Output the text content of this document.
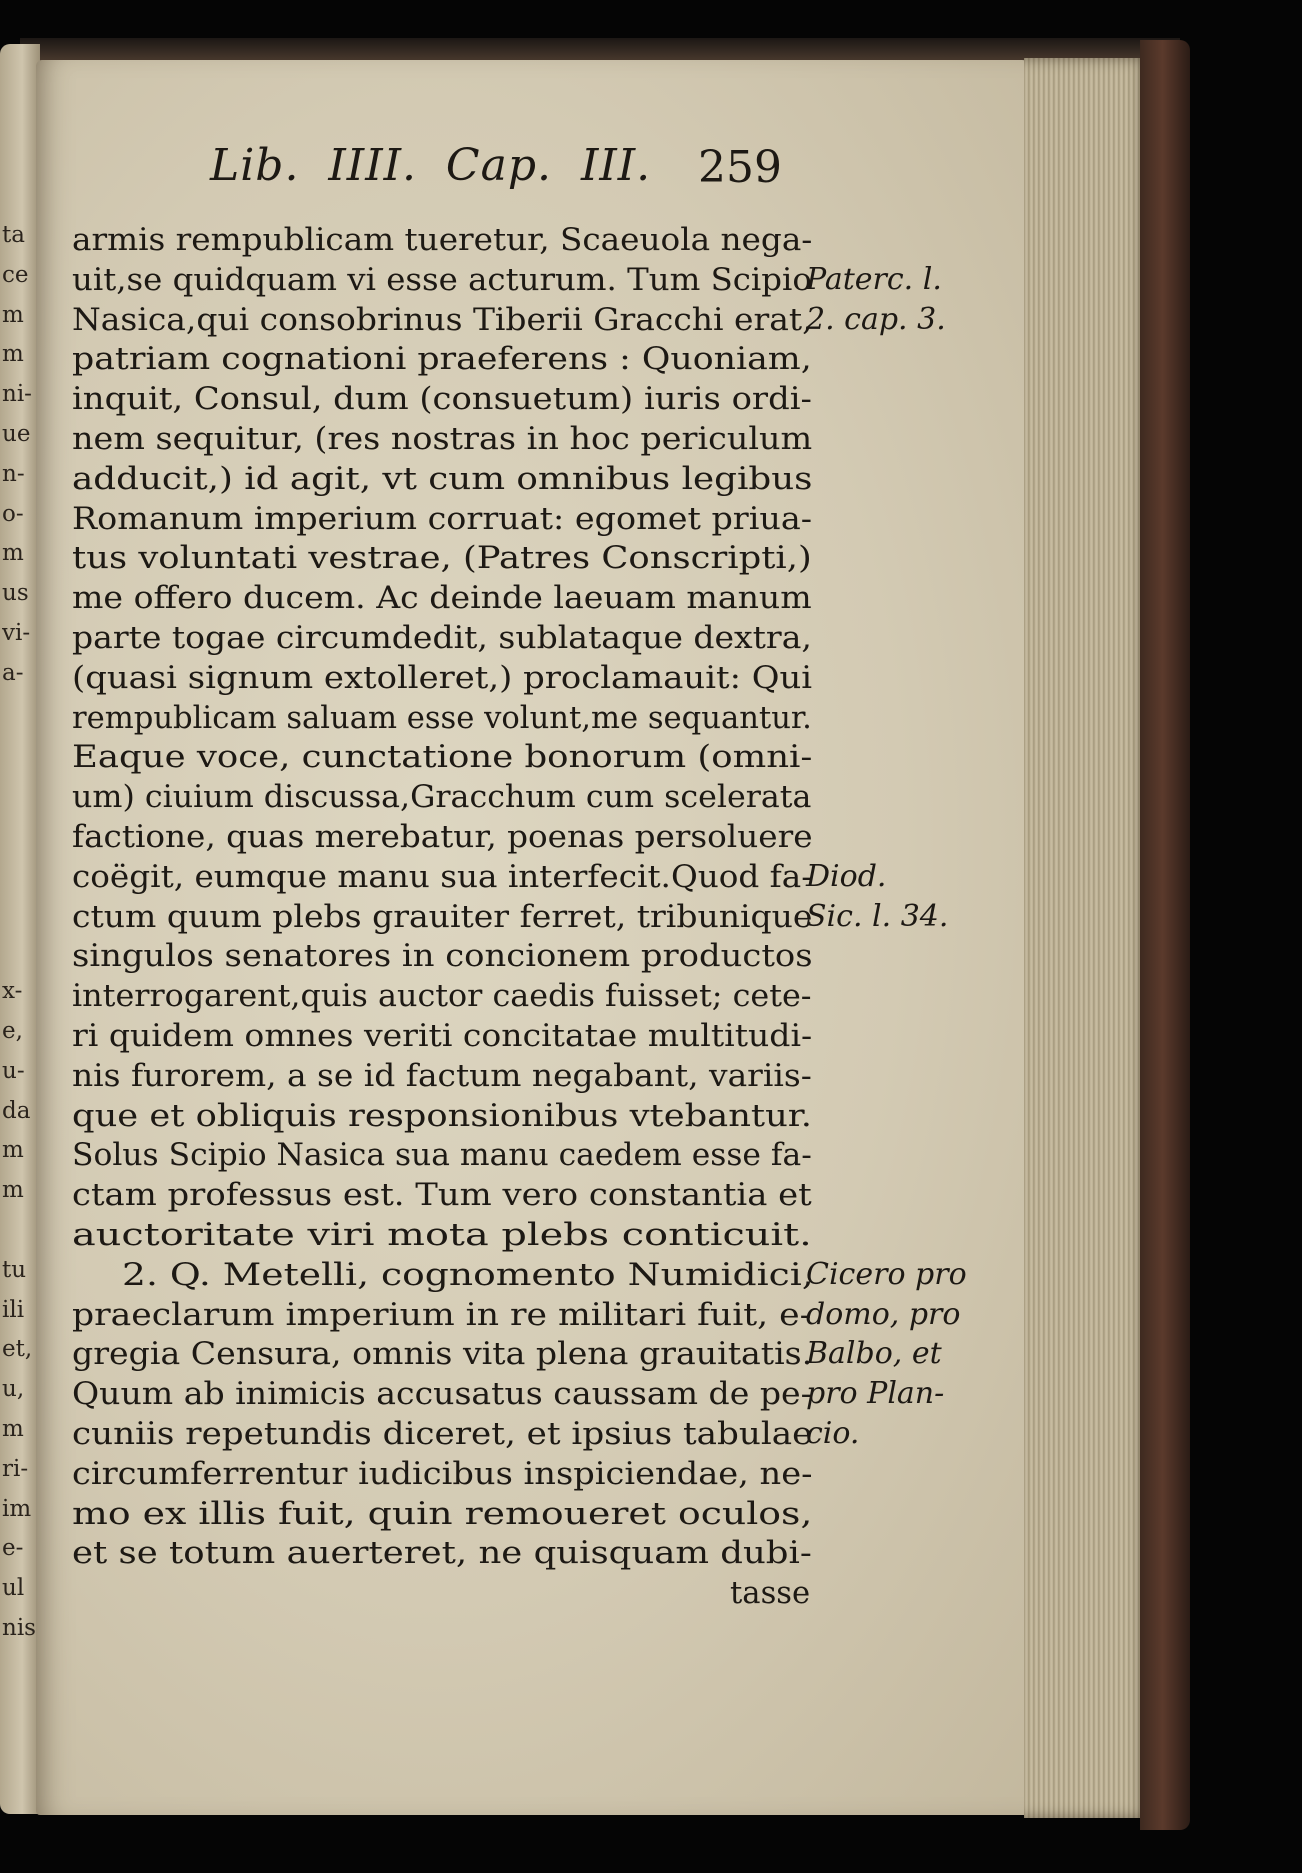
ta
ce
m
m
ni-
ue
n-
o-
m
us
vi-
a-
x-
e,
u-
da
m
m
tu
ili
et,
u,
m
ri-
im
e-
ul
nis
Lib. IIII. Cap. III. 259
armis rempublicam tueretur, Scaeuola nega-
uit,se quidquam vi esse acturum. Tum Scipio
Nasica,qui consobrinus Tiberii Gracchi erat,
patriam cognationi praeferens : Quoniam,
inquit, Consul, dum (consuetum) iuris ordi-
nem sequitur, (res nostras in hoc periculum
adducit,) id agit, vt cum omnibus legibus
Romanum imperium corruat: egomet priua-
tus voluntati vestrae, (Patres Conscripti,)
me offero ducem. Ac deinde laeuam manum
parte togae circumdedit, sublataque dextra,
(quasi signum extolleret,) proclamauit: Qui
rempublicam saluam esse volunt,me sequantur.
Eaque voce, cunctatione bonorum (omni-
um) ciuium discussa,Gracchum cum scelerata
factione, quas merebatur, poenas persoluere
coëgit, eumque manu sua interfecit.Quod fa-
ctum quum plebs grauiter ferret, tribunique
singulos senatores in concionem productos
interrogarent,quis auctor caedis fuisset; cete-
ri quidem omnes veriti concitatae multitudi-
nis furorem, a se id factum negabant, variis-
que et obliquis responsionibus vtebantur.
Solus Scipio Nasica sua manu caedem esse fa-
ctam professus est. Tum vero constantia et
auctoritate viri mota plebs conticuit.
2. Q. Metelli, cognomento Numidici,
praeclarum imperium in re militari fuit, e-
gregia Censura, omnis vita plena grauitatis.
Quum ab inimicis accusatus caussam de pe-
cuniis repetundis diceret, et ipsius tabulae
circumferrentur iudicibus inspiciendae, ne-
mo ex illis fuit, quin remoueret oculos,
et se totum auerteret, ne quisquam dubi-
tasse
Paterc. l.
2. cap. 3.
Diod.
Sic. l. 34.
Cicero pro
domo, pro
Balbo, et
pro Plan-
cio.
